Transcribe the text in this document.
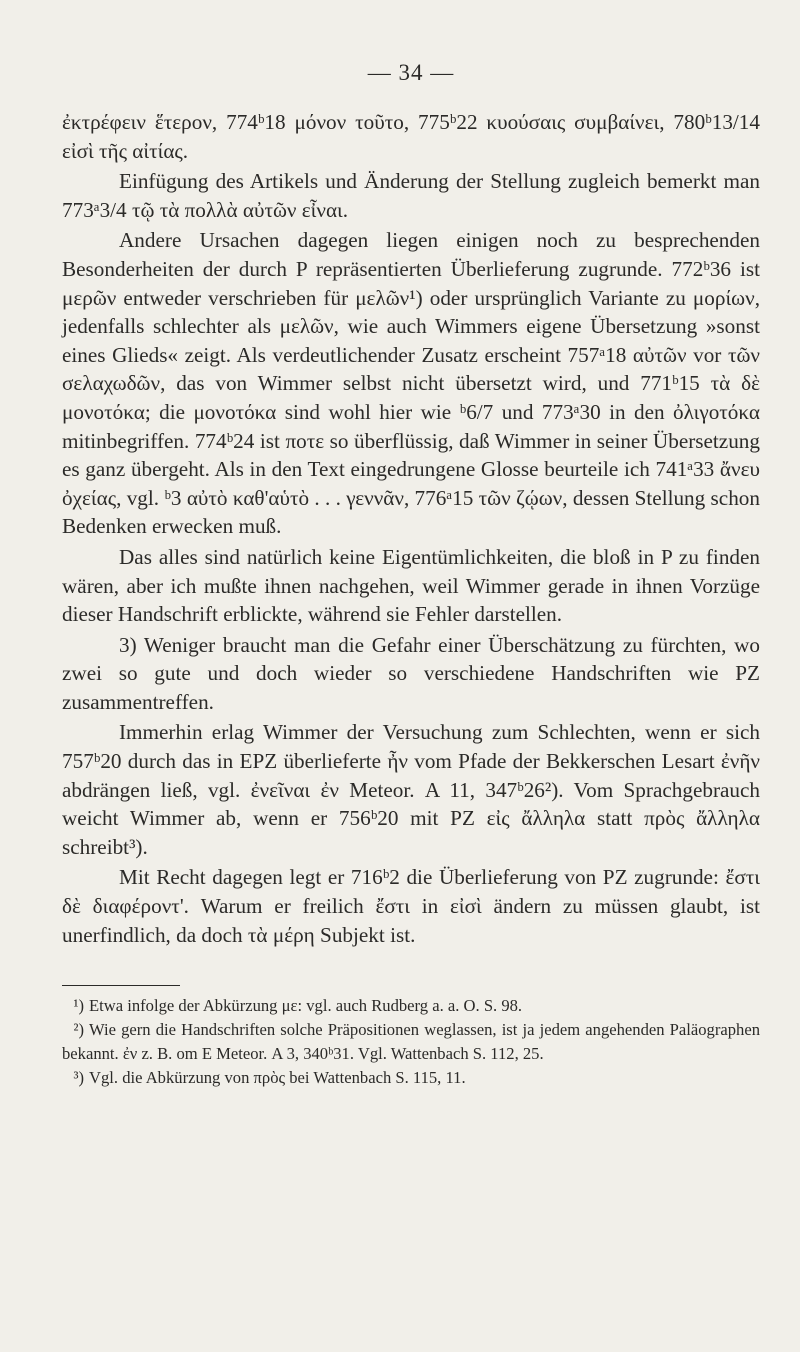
— 34 —

ἐκτρέφειν ἕτερον, 774ᵇ18 μόνον τοῦτο, 775ᵇ22 κυούσαις συμβαίνει, 780ᵇ13/14 εἰσὶ τῆς αἰτίας.

Einfügung des Artikels und Änderung der Stellung zugleich bemerkt man 773ᵃ3/4 τῷ τὰ πολλὰ αὐτῶν εἶναι.

Andere Ursachen dagegen liegen einigen noch zu besprechenden Besonderheiten der durch P repräsentierten Überlieferung zugrunde. 772ᵇ36 ist μερῶν entweder verschrieben für μελῶν¹) oder ursprünglich Variante zu μορίων, jedenfalls schlechter als μελῶν, wie auch Wimmers eigene Übersetzung »sonst eines Glieds« zeigt. Als verdeutlichender Zusatz erscheint 757ᵃ18 αὐτῶν vor τῶν σελαχωδῶν, das von Wimmer selbst nicht übersetzt wird, und 771ᵇ15 τὰ δὲ μονοτόκα; die μονοτόκα sind wohl hier wie ᵇ6/7 und 773ᵃ30 in den ὀλιγοτόκα mitinbegriffen. 774ᵇ24 ist ποτε so überflüssig, daß Wimmer in seiner Übersetzung es ganz übergeht. Als in den Text eingedrungene Glosse beurteile ich 741ᵃ33 ἄνευ ὀχείας, vgl. ᵇ3 αὐτὸ καθ'αὑτὸ . . . γεννᾶν, 776ᵃ15 τῶν ζῴων, dessen Stellung schon Bedenken erwecken muß.

Das alles sind natürlich keine Eigentümlichkeiten, die bloß in P zu finden wären, aber ich mußte ihnen nachgehen, weil Wimmer gerade in ihnen Vorzüge dieser Handschrift erblickte, während sie Fehler darstellen.

3) Weniger braucht man die Gefahr einer Überschätzung zu fürchten, wo zwei so gute und doch wieder so verschiedene Handschriften wie PZ zusammentreffen.

Immerhin erlag Wimmer der Versuchung zum Schlechten, wenn er sich 757ᵇ20 durch das in EPZ überlieferte ἦν vom Pfade der Bekkerschen Lesart ἐνῆν abdrängen ließ, vgl. ἐνεῖναι ἐν Meteor. Α 11, 347ᵇ26²). Vom Sprachgebrauch weicht Wimmer ab, wenn er 756ᵇ20 mit PZ εἰς ἄλληλα statt πρὸς ἄλληλα schreibt³).

Mit Recht dagegen legt er 716ᵇ2 die Überlieferung von PZ zugrunde: ἔστι δὲ διαφέροντ'. Warum er freilich ἔστι in εἰσὶ ändern zu müssen glaubt, ist unerfindlich, da doch τὰ μέρη Subjekt ist.

¹) Etwa infolge der Abkürzung με: vgl. auch Rudberg a. a. O. S. 98.

²) Wie gern die Handschriften solche Präpositionen weglassen, ist ja jedem angehenden Paläographen bekannt. ἐν z. B. om E Meteor. Α 3, 340ᵇ31. Vgl. Wattenbach S. 112, 25.

³) Vgl. die Abkürzung von πρὸς bei Wattenbach S. 115, 11.
